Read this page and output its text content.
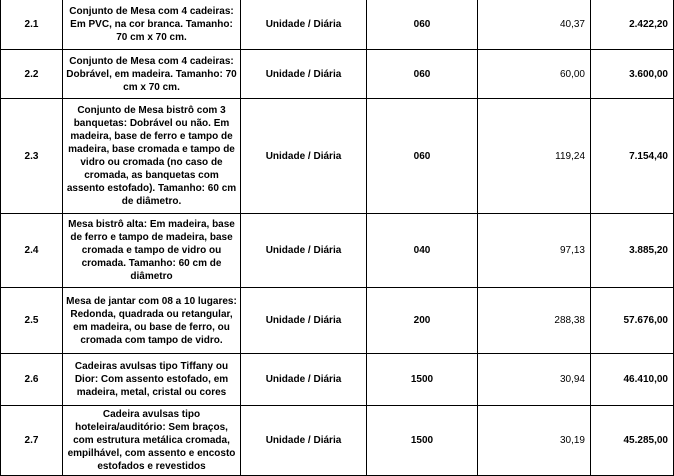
2.1	Conjunto de Mesa com 4 cadeiras: Em PVC, na cor branca. Tamanho: 70 cm x 70 cm.	Unidade / Diária	060	40,37	2.422,20
2.2	Conjunto de Mesa com 4 cadeiras: Dobrável, em madeira. Tamanho: 70 cm x 70 cm.	Unidade / Diária	060	60,00	3.600,00
2.3	Conjunto de Mesa bistrô com 3 banquetas: Dobrável ou não. Em madeira, base de ferro e tampo de madeira, base cromada e tampo de vidro ou cromada (no caso de cromada, as banquetas com assento estofado). Tamanho: 60 cm de diâmetro.	Unidade / Diária	060	119,24	7.154,40
2.4	Mesa bistrô alta: Em madeira, base de ferro e tampo de madeira, base cromada e tampo de vidro ou cromada. Tamanho: 60 cm de diâmetro	Unidade / Diária	040	97,13	3.885,20
2.5	Mesa de jantar com 08 a 10 lugares: Redonda, quadrada ou retangular, em madeira, ou base de ferro, ou cromada com tampo de vidro.	Unidade / Diária	200	288,38	57.676,00
2.6	Cadeiras avulsas tipo Tiffany ou Dior: Com assento estofado, em madeira, metal, cristal ou cores	Unidade / Diária	1500	30,94	46.410,00
2.7	Cadeira avulsas tipo hoteleira/auditório: Sem braços, com estrutura metálica cromada, empilhável, com assento e encosto estofados e revestidos	Unidade / Diária	1500	30,19	45.285,00
